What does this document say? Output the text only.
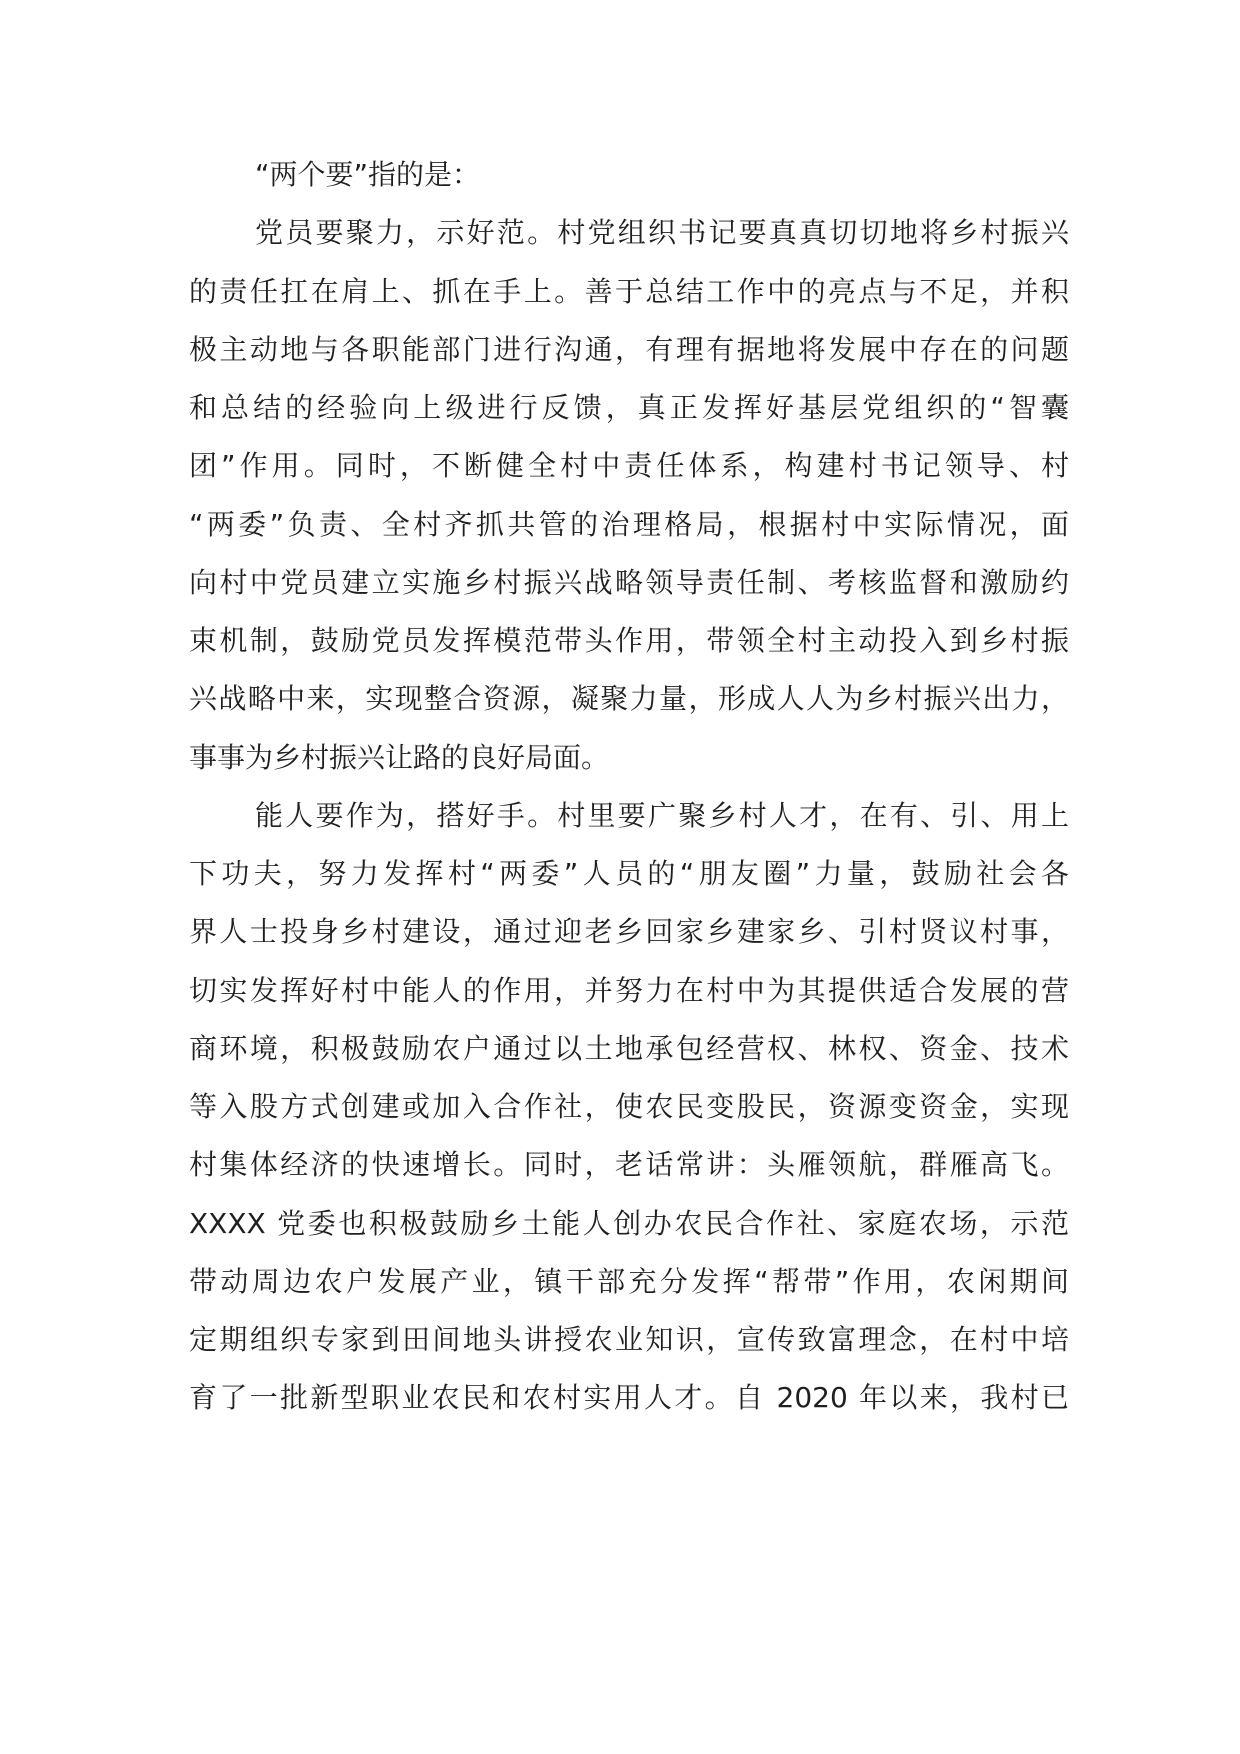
“两个要”指的是：

党员要聚力，示好范。村党组织书记要真真切切地将乡村振兴

的责任扛在肩上、抓在手上。善于总结工作中的亮点与不足，并积

极主动地与各职能部门进行沟通，有理有据地将发展中存在的问题

和总结的经验向上级进行反馈，真正发挥好基层党组织的“智囊

团”作用。同时，不断健全村中责任体系，构建村书记领导、村

“两委”负责、全村齐抓共管的治理格局，根据村中实际情况，面

向村中党员建立实施乡村振兴战略领导责任制、考核监督和激励约

束机制，鼓励党员发挥模范带头作用，带领全村主动投入到乡村振

兴战略中来，实现整合资源，凝聚力量，形成人人为乡村振兴出力，

事事为乡村振兴让路的良好局面。

能人要作为，搭好手。村里要广聚乡村人才，在有、引、用上

下功夫，努力发挥村“两委”人员的“朋友圈”力量，鼓励社会各

界人士投身乡村建设，通过迎老乡回家乡建家乡、引村贤议村事，

切实发挥好村中能人的作用，并努力在村中为其提供适合发展的营

商环境，积极鼓励农户通过以土地承包经营权、林权、资金、技术

等入股方式创建或加入合作社，使农民变股民，资源变资金，实现

村集体经济的快速增长。同时，老话常讲：头雁领航，群雁高飞。

XXXX 党委也积极鼓励乡土能人创办农民合作社、家庭农场，示范

带动周边农户发展产业，镇干部充分发挥“帮带”作用，农闲期间

定期组织专家到田间地头讲授农业知识，宣传致富理念，在村中培

育了一批新型职业农民和农村实用人才。自 2020 年以来，我村已
